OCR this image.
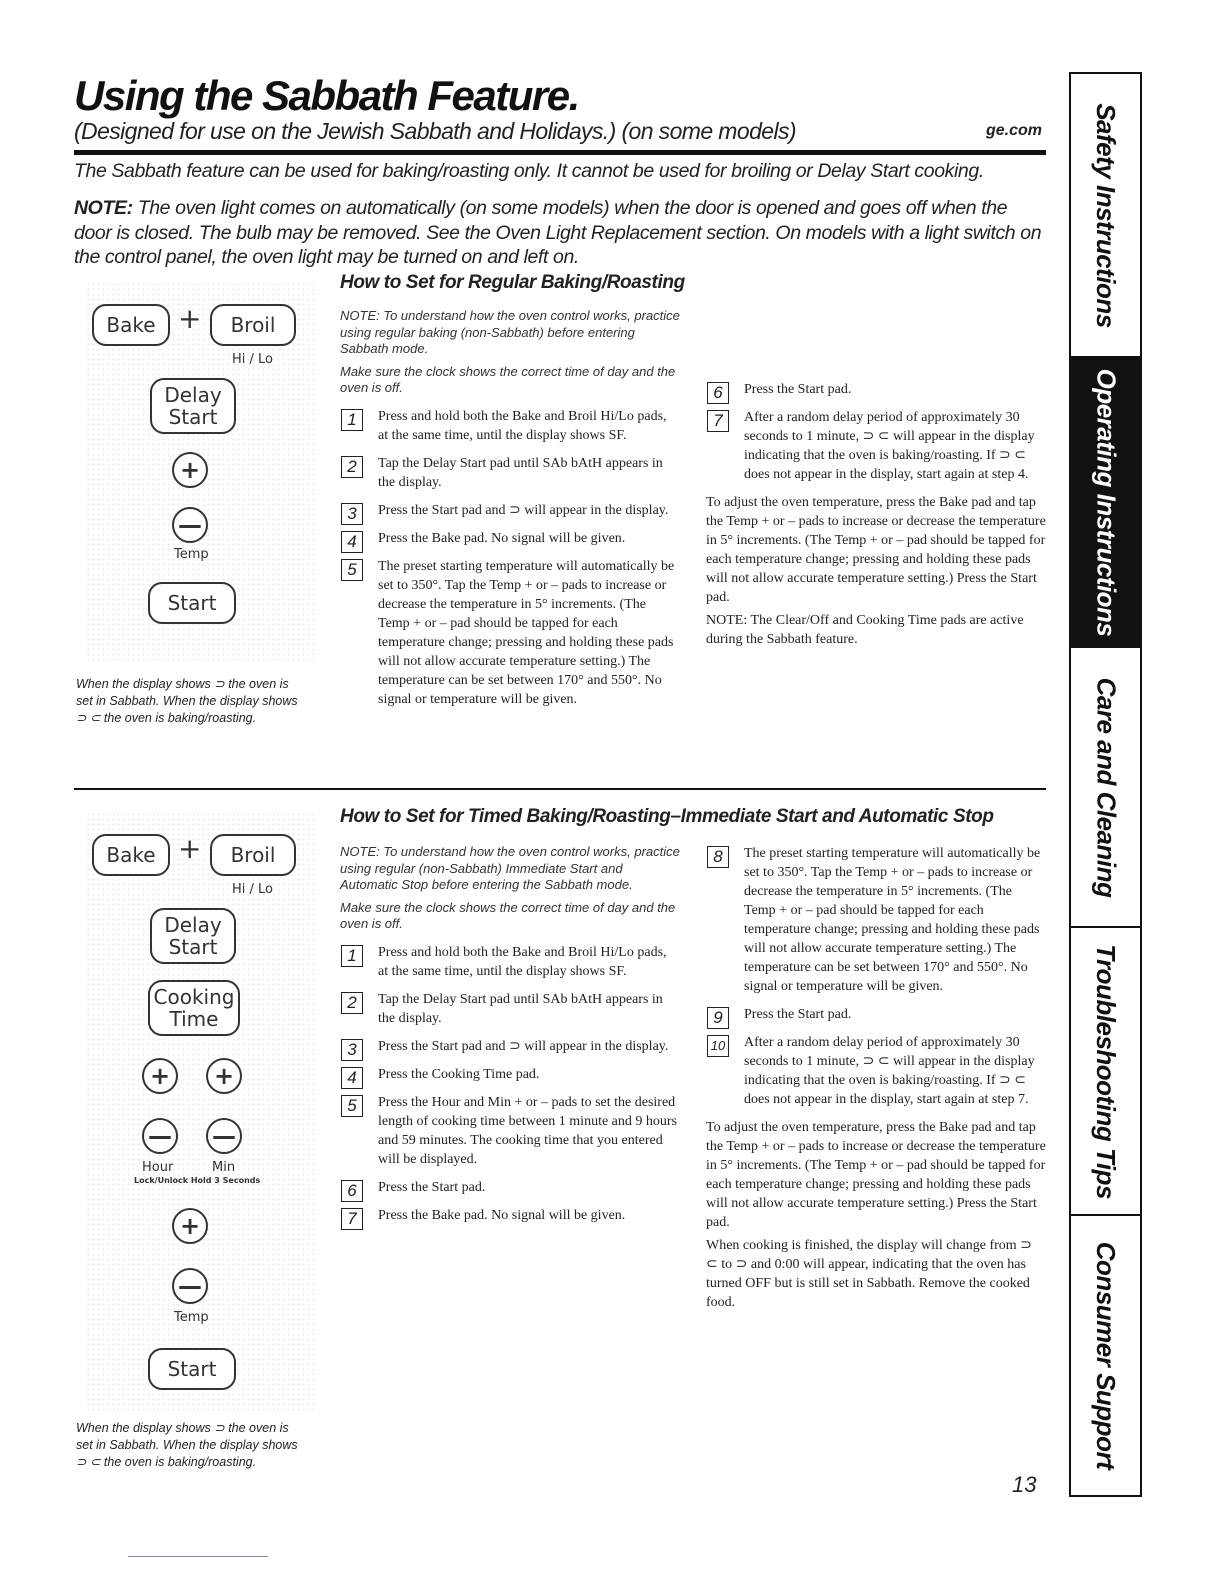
Using the Sabbath Feature.
(Designed for use on the Jewish Sabbath and Holidays.) (on some models)	ge.com
The Sabbath feature can be used for baking/roasting only. It cannot be used for broiling or Delay Start cooking.
NOTE: The oven light comes on automatically (on some models) when the door is opened and goes off when the door is closed. The bulb may be removed. See the Oven Light Replacement section. On models with a light switch on the control panel, the oven light may be turned on and left on.
How to Set for Regular Baking/Roasting
Bake +	Broil
Hi / Lo
Delay
Start
+
—
Temp
Start
When the display shows ⊃ the oven is set in Sabbath. When the display shows ⊃ ⊂ the oven is baking/roasting.
NOTE: To understand how the oven control works, practice using regular baking (non-Sabbath) before entering Sabbath mode.
Make sure the clock shows the correct time of day and the oven is off.
1	Press and hold both the Bake and Broil Hi/Lo pads, at the same time, until the display shows SF.
2	Tap the Delay Start pad until SAb bAtH appears in the display.
3	Press the Start pad and ⊃ will appear in the display.
4	Press the Bake pad. No signal will be given.
5	The preset starting temperature will automatically be set to 350°. Tap the Temp + or – pads to increase or decrease the temperature in 5° increments. (The Temp + or – pad should be tapped for each temperature change; pressing and holding these pads will not allow accurate temperature setting.) The temperature can be set between 170° and 550°. No signal or temperature will be given.
6	Press the Start pad.
7	After a random delay period of approximately 30 seconds to 1 minute, ⊃ ⊂ will appear in the display indicating that the oven is baking/roasting. If ⊃ ⊂ does not appear in the display, start again at step 4.
To adjust the oven temperature, press the Bake pad and tap the Temp + or – pads to increase or decrease the temperature in 5° increments. (The Temp + or – pad should be tapped for each temperature change; pressing and holding these pads will not allow accurate temperature setting.) Press the Start pad.
NOTE: The Clear/Off and Cooking Time pads are active during the Sabbath feature.
How to Set for Timed Baking/Roasting–Immediate Start and Automatic Stop
Bake +	Broil
Hi / Lo
Delay
Start
Cooking
Time
+	+
— —
Hour	Min
Lock/Unlock Hold 3 Seconds
+
—
Temp
Start
When the display shows ⊃ the oven is set in Sabbath. When the display shows ⊃ ⊂ the oven is baking/roasting.
NOTE: To understand how the oven control works, practice using regular (non-Sabbath) Immediate Start and Automatic Stop before entering the Sabbath mode.
Make sure the clock shows the correct time of day and the oven is off.
1	Press and hold both the Bake and Broil Hi/Lo pads, at the same time, until the display shows SF.
2	Tap the Delay Start pad until SAb bAtH appears in the display.
3	Press the Start pad and ⊃ will appear in the display.
4	Press the Cooking Time pad.
5	Press the Hour and Min + or – pads to set the desired length of cooking time between 1 minute and 9 hours and 59 minutes. The cooking time that you entered will be displayed.
6	Press the Start pad.
7	Press the Bake pad. No signal will be given.
8	The preset starting temperature will automatically be set to 350°. Tap the Temp + or – pads to increase or decrease the temperature in 5° increments. (The Temp + or – pad should be tapped for each temperature change; pressing and holding these pads will not allow accurate temperature setting.) The temperature can be set between 170° and 550°. No signal or temperature will be given.
9	Press the Start pad.
10 After a random delay period of approximately 30 seconds to 1 minute, ⊃ ⊂ will appear in the display indicating that the oven is baking/roasting. If ⊃ ⊂ does not appear in the display, start again at step 7.
To adjust the oven temperature, press the Bake pad and tap the Temp + or – pads to increase or decrease the temperature in 5° increments. (The Temp + or – pad should be tapped for each temperature change; pressing and holding these pads will not allow accurate temperature setting.) Press the Start pad.
When cooking is finished, the display will change from ⊃ ⊂ to ⊃ and 0:00 will appear, indicating that the oven has turned OFF but is still set in Sabbath. Remove the cooked food.
13
Safety Instructions
Operating Instructions
Care and Cleaning
Troubleshooting Tips
Consumer Support
